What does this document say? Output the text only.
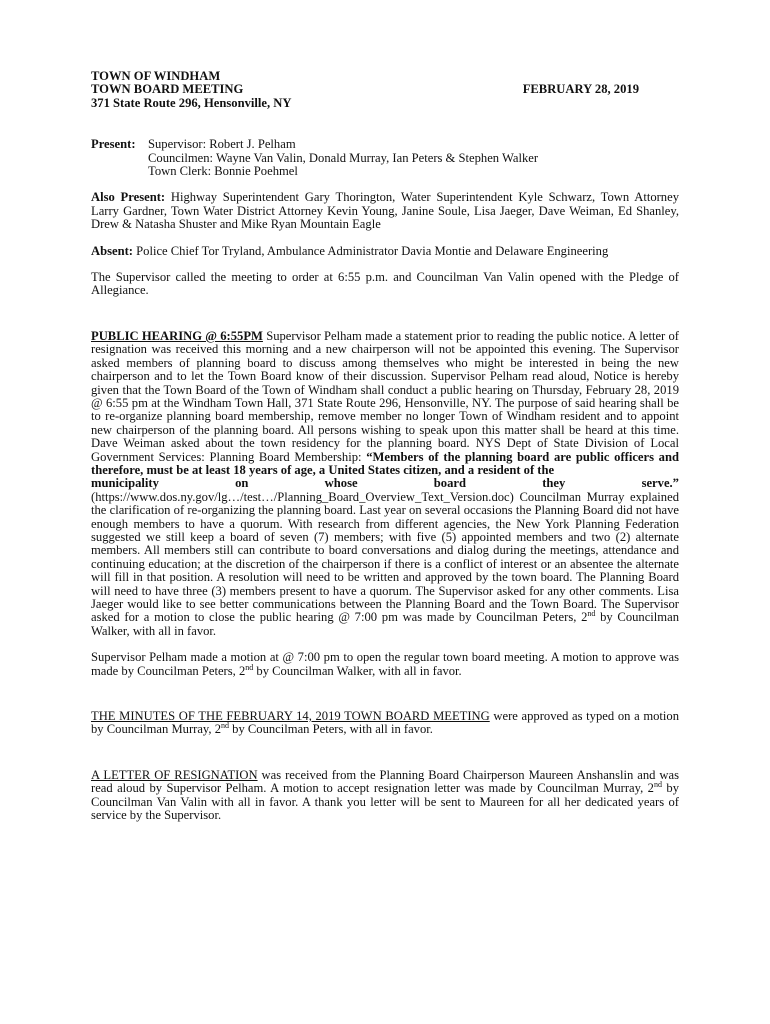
TOWN OF WINDHAM
TOWN BOARD MEETING	FEBRUARY 28, 2019
371 State Route 296, Hensonville, NY
Present: Supervisor: Robert J. Pelham
Councilmen: Wayne Van Valin, Donald Murray, Ian Peters & Stephen Walker
Town Clerk: Bonnie Poehmel

Also Present: Highway Superintendent Gary Thorington, Water Superintendent Kyle Schwarz, Town Attorney Larry Gardner, Town Water District Attorney Kevin Young, Janine Soule, Lisa Jaeger, Dave Weiman, Ed Shanley, Drew & Natasha Shuster and Mike Ryan Mountain Eagle

Absent: Police Chief Tor Tryland, Ambulance Administrator Davia Montie and Delaware Engineering

The Supervisor called the meeting to order at 6:55 p.m. and Councilman Van Valin opened with the Pledge of Allegiance.

PUBLIC HEARING @ 6:55PM Supervisor Pelham made a statement prior to reading the public notice. A letter of resignation was received this morning and a new chairperson will not be appointed this evening. The Supervisor asked members of planning board to discuss among themselves who might be interested in being the new chairperson and to let the Town Board know of their discussion. Supervisor Pelham read aloud, Notice is hereby given that the Town Board of the Town of Windham shall conduct a public hearing on Thursday, February 28, 2019 @ 6:55 pm at the Windham Town Hall, 371 State Route 296, Hensonville, NY. The purpose of said hearing shall be to re-organize planning board membership, remove member no longer Town of Windham resident and to appoint new chairperson of the planning board. All persons wishing to speak upon this matter shall be heard at this time. Dave Weiman asked about the town residency for the planning board. NYS Dept of State Division of Local Government Services: Planning Board Membership: “Members of the planning board are public officers and therefore, must be at least 18 years of age, a United States citizen, and a resident of the

municipality	on	whose	board	they	serve.”

(https://www.dos.ny.gov/lg…/test…/Planning_Board_Overview_Text_Version.doc) Councilman Murray explained the clarification of re-organizing the planning board. Last year on several occasions the Planning Board did not have enough members to have a quorum. With research from different agencies, the New York Planning Federation suggested we still keep a board of seven (7) members; with five (5) appointed members and two (2) alternate members. All members still can contribute to board conversations and dialog during the meetings, attendance and continuing education; at the discretion of the chairperson if there is a conflict of interest or an absentee the alternate will fill in that position. A resolution will need to be written and approved by the town board. The Planning Board will need to have three (3) members present to have a quorum. The Supervisor asked for any other comments. Lisa Jaeger would like to see better communications between the Planning Board and the Town Board. The Supervisor asked for a motion to close the public hearing @ 7:00 pm was made by Councilman Peters, 2nd by Councilman Walker, with all in favor.

Supervisor Pelham made a motion at @ 7:00 pm to open the regular town board meeting. A motion to approve was made by Councilman Peters, 2nd by Councilman Walker, with all in favor.

THE MINUTES OF THE FEBRUARY 14, 2019 TOWN BOARD MEETING were approved as typed on a motion by Councilman Murray, 2nd by Councilman Peters, with all in favor.

A LETTER OF RESIGNATION was received from the Planning Board Chairperson Maureen Anshanslin and was read aloud by Supervisor Pelham. A motion to accept resignation letter was made by Councilman Murray, 2nd by Councilman Van Valin with all in favor. A thank you letter will be sent to Maureen for all her dedicated years of service by the Supervisor.
